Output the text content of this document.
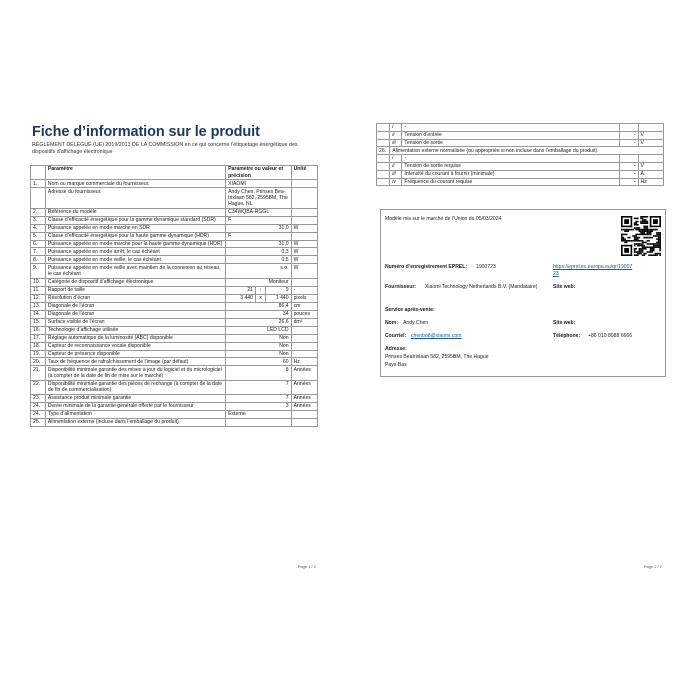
Fiche d’information sur le produit
RÈGLEMENT DÉLÉGUÉ (UE) 2019/2013 DE LA COMMISSION en ce qui concerne l’étiquetage énergétique des dispositifs d’affichage électronique
	Paramètre	Paramètre ou valeur et précision			Unité
1.	Nom ou marque commerciale du fournisseur.	XIAOMI			
	Adresse du fournisseur.	Andy Chen, Prinses Bea-trixlaan 582, 2595BM, The Hague, NL			
2.	Référence du modèle	C34WQBA-RGGL			
3.	Classe d’efficacité énergétique pour la gamme dynamique standard (SDR)	F			
4.	Puissance appelée en mode marche en SDR	31,0			W
5.	Classe d’efficacité énergétique pour la haute gamme dynamique (HDR)	F			
6.	Puissance appelée en mode marche pour la haute gamme dynamique (HDR)	31,0			W
7.	Puissance appelée en mode arrêt, le cas échéant	0,3			W
8.	Puissance appelée en mode veille, le cas échéant	0,5			W
9.	Puissance appelée en mode veille avec maintien de la connexion au réseau, le cas échéant	s.o.			W
10.	Catégorie de dispositif d’affichage électronique	Moniteur			
11.	Rapport de taille	21	:	9	-
12.	Résolution d’écran	3 440	x	1 440	pixels
13.	Diagonale de l’écran	86,4			cm
14.	Diagonale de l’écran	34			pouces
15.	Surface visible de l’écran	26,6			dm²
16.	Technologie d’affichage utilisée	LED LCD			
17.	Réglage automatique de la luminosité (ABC) disponible	Non			
18.	Capteur de reconnaissance vocale disponible	Non			
19.	Capteur de présence disponible	Non			
20.	Taux de fréquence de rafraîchissement de l’image (par défaut)	60			Hz
21.	Disponibilité minimale garantie des mises à jour du logiciel et du micrologiciel (à compter de la date de fin de mise sur le marché)	8			Années
22.	Disponibilité minimale garantie des pièces de rechange (à compter de la date de fin de commercialisation)	7			Années
23.	Assistance produit minimale garantie	7			Années
24.	Durée minimale de la garantie générale offerte par le fournisseur	3			Années
24.	Type d’alimentation	Externe			
25.	Alimentation externe (incluse dans l’emballage du produit)				
Page 1 / 2
	i	-		
	ii	Tension d’entrée	-	V
	iii	Tension de sortie	-	V
26.	Alimentation externe normalisée (ou appropriée si non incluse dans l’emballage du produit)			
	i	-		
	ii	Tension de sortie requise	-	V
	iii	Intensité du courant à fournir (minimale)	-	A
	iv	Fréquence du courant requise	-	Hz
Modèle mis sur le marché de l’Union du 05/03/2024
Numéro d’enregistrement EPREL: 1900723	https://eprel.ec.europa.eu/qr/1900723
Fournisseur: Xiaomi Technology Netherlands B.V. (Mandataire)	Site web:
Service après-vente:
Nom: Andy Chen	Site web:
Courriel: chenbo8@xiaomi.com	Téléphone: +86 010 8088 6666
Adresse:
Prinses Beatrixlaan 582, 2595BM, The Hague
Pays-Bas
Page 2 / 2
